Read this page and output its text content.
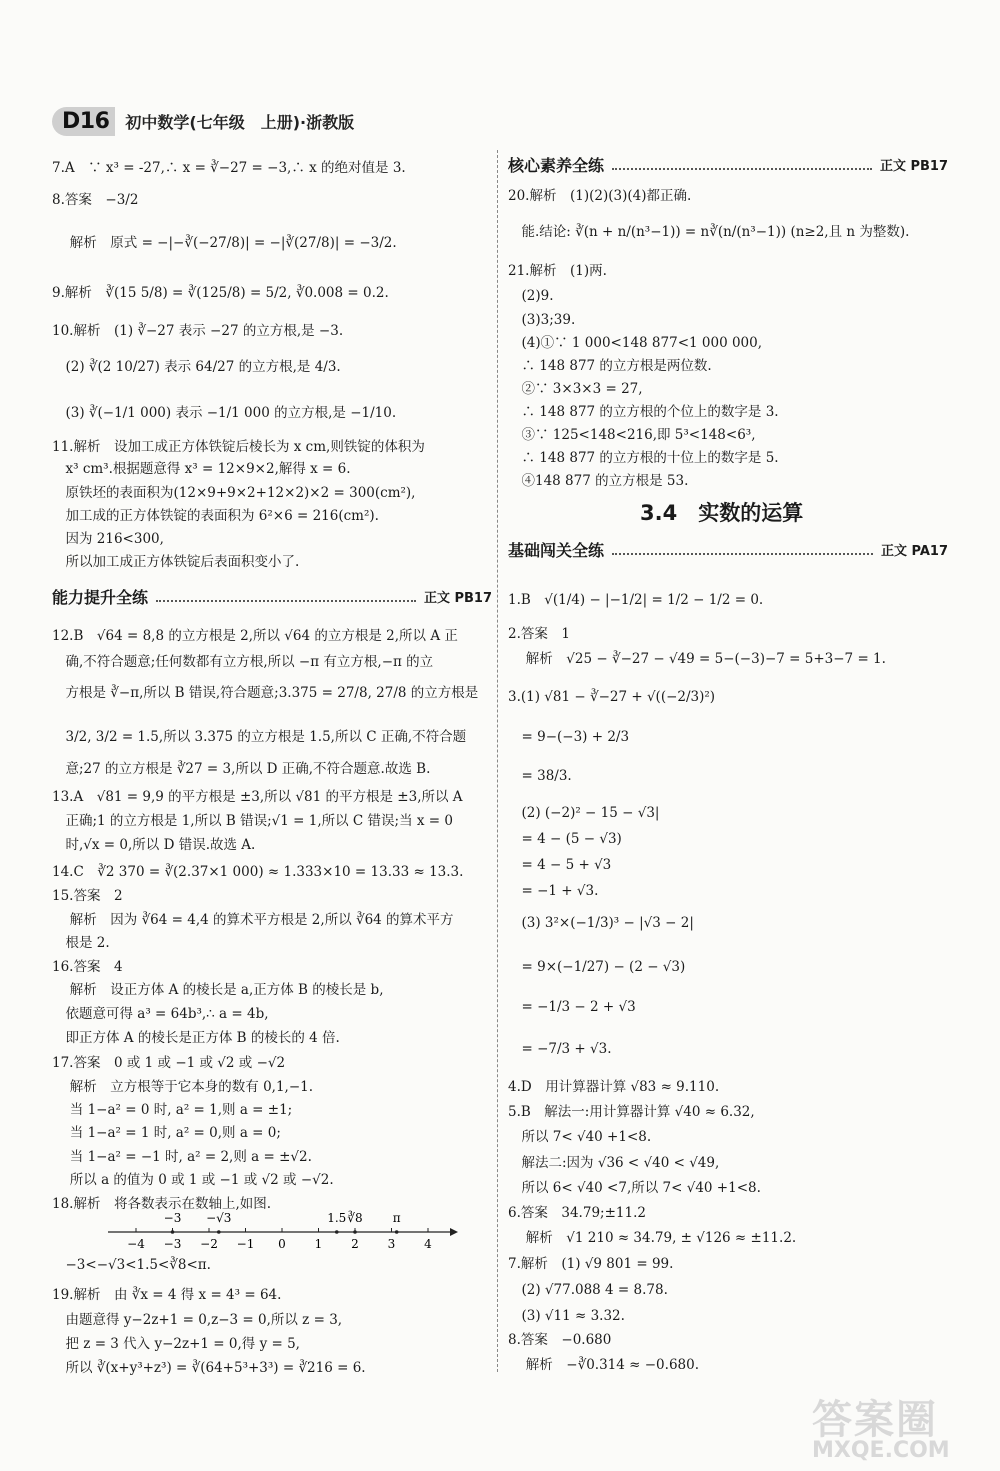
D16	初中数学(七年级　上册)·浙教版
7.A　∵ x³ = -27,∴ x = ∛−27 = −3,∴ x 的绝对值是 3.
8.答案　−3/2
　 解析　原式 = −|−∛(−27/8)| = −|∛(27/8)| = −3/2.
9.解析　∛(15 5/8) = ∛(125/8) = 5/2, ∛0.008 = 0.2.
10.解析　(1) ∛−27 表示 −27 的立方根,是 −3.
　(2) ∛(2 10/27) 表示 64/27 的立方根,是 4/3.
　(3) ∛(−1/1 000) 表示 −1/1 000 的立方根,是 −1/10.
11.解析　设加工成正方体铁锭后棱长为 x cm,则铁锭的体积为
　x³ cm³.根据题意得 x³ = 12×9×2,解得 x = 6.
　原铁坯的表面积为(12×9+9×2+12×2)×2 = 300(cm²),
　加工成的正方体铁锭的表面积为 6²×6 = 216(cm²).
　因为 216<300,
　所以加工成正方体铁锭后表面积变小了.
12.B　√64 = 8,8 的立方根是 2,所以 √64 的立方根是 2,所以 A 正
　确,不符合题意;任何数都有立方根,所以 −π 有立方根,−π 的立
　方根是 ∛−π,所以 B 错误,符合题意;3.375 = 27/8, 27/8 的立方根是
　3/2, 3/2 = 1.5,所以 3.375 的立方根是 1.5,所以 C 正确,不符合题
　意;27 的立方根是 ∛27 = 3,所以 D 正确,不符合题意.故选 B.
13.A　√81 = 9,9 的平方根是 ±3,所以 √81 的平方根是 ±3,所以 A
　正确;1 的立方根是 1,所以 B 错误;√1 = 1,所以 C 错误;当 x = 0
　时,√x = 0,所以 D 错误.故选 A.
14.C　∛2 370 = ∛(2.37×1 000) ≈ 1.333×10 = 13.33 ≈ 13.3.
15.答案　2
　 解析　因为 ∛64 = 4,4 的算术平方根是 2,所以 ∛64 的算术平方
　根是 2.
16.答案　4
　 解析　设正方体 A 的棱长是 a,正方体 B 的棱长是 b,
　依题意可得 a³ = 64b³,∴ a = 4b,
　即正方体 A 的棱长是正方体 B 的棱长的 4 倍.
17.答案　0 或 1 或 −1 或 √2 或 −√2
　 解析　立方根等于它本身的数有 0,1,−1.
　 当 1−a² = 0 时, a² = 1,则 a = ±1;
　 当 1−a² = 1 时, a² = 0,则 a = 0;
　 当 1−a² = −1 时, a² = 2,则 a = ±√2.
　 所以 a 的值为 0 或 1 或 −1 或 √2 或 −√2.
18.解析　将各数表示在数轴上,如图.
　−3<−√3<1.5<∛8<π.
19.解析　由 ∛x = 4 得 x = 4³ = 64.
　由题意得 y−2z+1 = 0,z−3 = 0,所以 z = 3,
　把 z = 3 代入 y−2z+1 = 0,得 y = 5,
　所以 ∛(x+y³+z³) = ∛(64+5³+3³) = ∛216 = 6.
20.解析　(1)(2)(3)(4)都正确.
　能.结论: ∛(n + n/(n³−1)) = n∛(n/(n³−1)) (n≥2,且 n 为整数).
21.解析　(1)两.
　(2)9.
　(3)3;39.
　(4)①∵ 1 000<148 877<1 000 000,
　∴ 148 877 的立方根是两位数.
　②∵ 3×3×3 = 27,
　∴ 148 877 的立方根的个位上的数字是 3.
　③∵ 125<148<216,即 5³<148<6³,
　∴ 148 877 的立方根的十位上的数字是 5.
　④148 877 的立方根是 53.
1.B　√(1/4) − |−1/2| = 1/2 − 1/2 = 0.
2.答案　1
　 解析　√25 − ∛−27 − √49 = 5−(−3)−7 = 5+3−7 = 1.
3.(1) √81 − ∛−27 + √((−2/3)²)
　= 9−(−3) + 2/3
　= 38/3.
　(2) (−2)² − 15 − √3|
　= 4 − (5 − √3)
　= 4 − 5 + √3
　= −1 + √3.
　(3) 3²×(−1/3)³ − |√3 − 2|
　= 9×(−1/27) − (2 − √3)
　= −1/3 − 2 + √3
　= −7/3 + √3.
4.D　用计算器计算 √83 ≈ 9.110.
5.B　解法一:用计算器计算 √40 ≈ 6.32,
　所以 7< √40 +1<8.
　解法二:因为 √36 < √40 < √49,
　所以 6< √40 <7,所以 7< √40 +1<8.
6.答案　34.79;±11.2
　 解析　√1 210 ≈ 34.79, ± √126 ≈ ±11.2.
7.解析　(1) √9 801 = 99.
　(2) √77.088 4 = 8.78.
　(3) √11 ≈ 3.32.
8.答案　−0.680
　 解析　−∛0.314 ≈ −0.680.
能力提升全练	正文 PB17
核心素养全练	正文 PB17
3.4　实数的运算
基础闯关全练	正文 PA17
−4 −3 −2 −1 0 1 2 3 4
−3 −√3	1.5 ∛8	π
答案圈
MXQE.COM
